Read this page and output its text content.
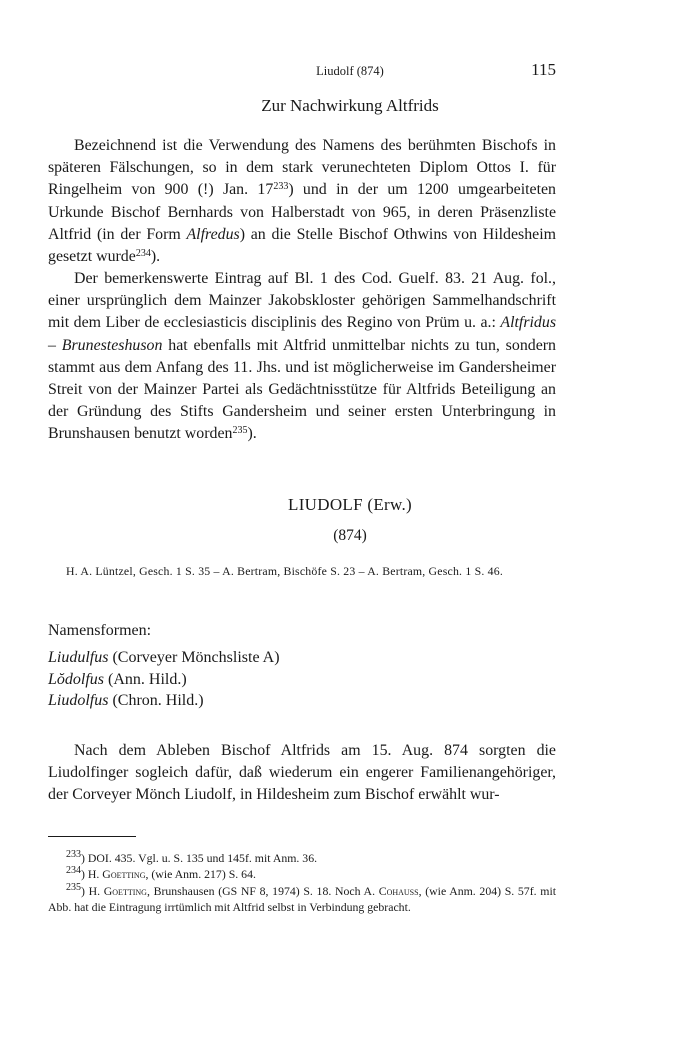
Liudolf (874)	115
Zur Nachwirkung Altfrids

Bezeichnend ist die Verwendung des Namens des berühmten Bischofs in späteren Fälschungen, so in dem stark verunechteten Diplom Ottos I. für Ringelheim von 900 (!) Jan. $17^{233}$) und in der um 1200 umgearbeiteten Urkunde Bischof Bernhards von Halberstadt von 965, in deren Präsenzliste Altfrid (in der Form Alfredus) an die Stelle Bischof Othwins von Hildesheim gesetzt wurde$^{234}$).

Der bemerkenswerte Eintrag auf Bl. 1 des Cod. Guelf. 83. 21 Aug. fol., einer ursprünglich dem Mainzer Jakobskloster gehörigen Sammelhandschrift mit dem Liber de ecclesiasticis disciplinis des Regino von Prüm u. a.: Altfridus – Brunesteshuson hat ebenfalls mit Altfrid unmittelbar nichts zu tun, sondern stammt aus dem Anfang des 11. Jhs. und ist möglicherweise im Gandersheimer Streit von der Mainzer Partei als Gedächtnisstütze für Altfrids Beteiligung an der Gründung des Stifts Gandersheim und seiner ersten Unterbringung in Brunshausen benutzt worden$^{235}$).

LIUDOLF (Erw.)
(874)

H. A. Lüntzel, Gesch. 1 S. 35 – A. Bertram, Bischöfe S. 23 – A. Bertram, Gesch. 1 S. 46.

Namensformen:
Liudulfus (Corveyer Mönchsliste A)
Lŏdolfus (Ann. Hild.)
Liudolfus (Chron. Hild.)

Nach dem Ableben Bischof Altfrids am 15. Aug. 874 sorgten die Liudolfinger sogleich dafür, daß wiederum ein engerer Familienangehöriger, der Corveyer Mönch Liudolf, in Hildesheim zum Bischof erwählt wur-

$^{233}$) DOI. 435. Vgl. u. S. 135 und 145f. mit Anm. 36.

$^{234}$) H. Goetting, (wie Anm. 217) S. 64.

$^{235}$) H. Goetting, Brunshausen (GS NF 8, 1974) S. 18. Noch A. Cohauss, (wie Anm. 204) S. 57f. mit Abb. hat die Eintragung irrtümlich mit Altfrid selbst in Verbindung gebracht.
